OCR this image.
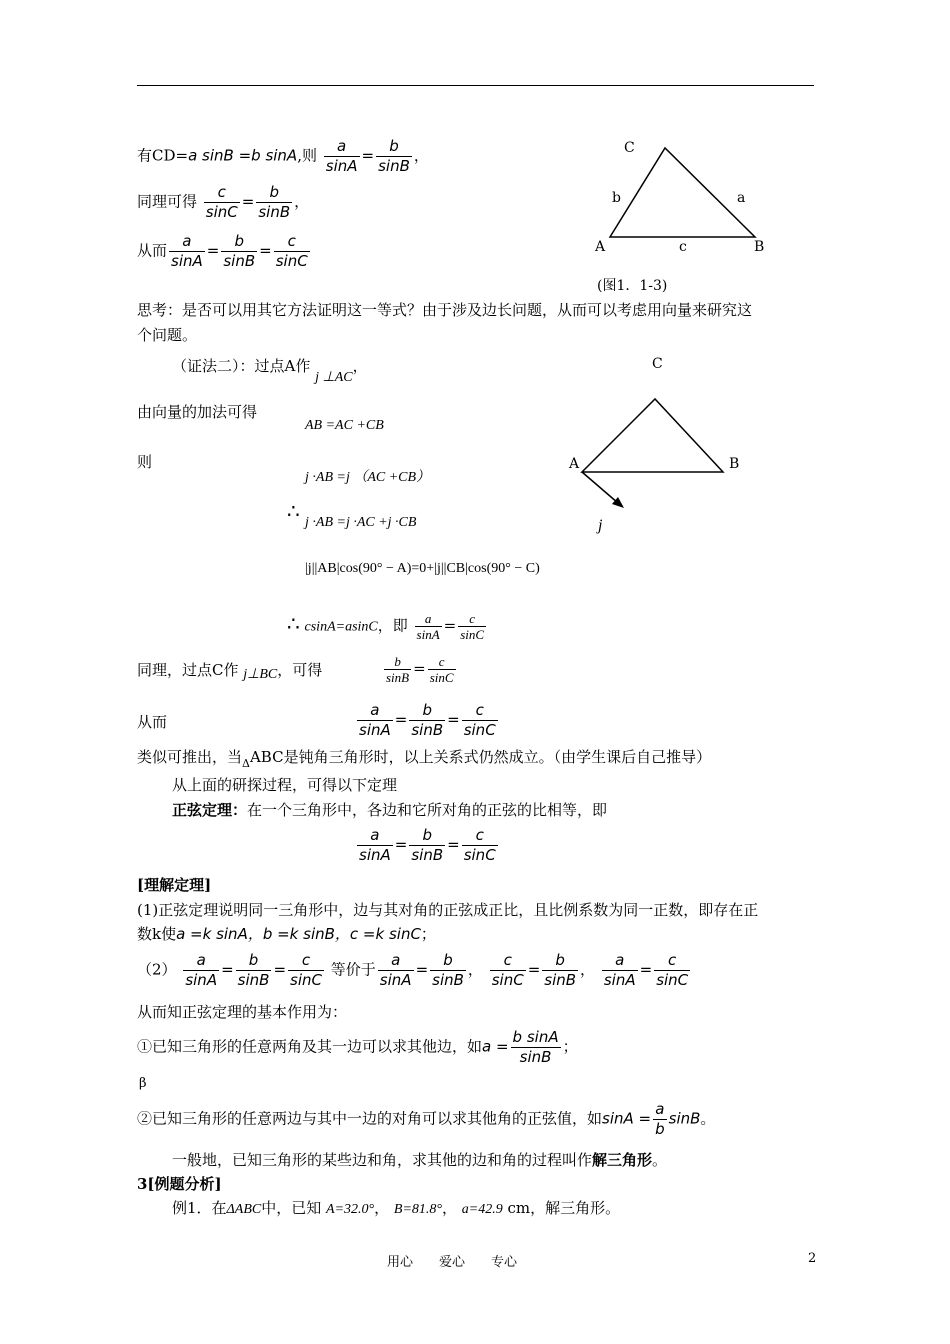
有CD=a sinB =b sinA,则 $\frac{a}{\sin A} = \frac{b}{\sin B}$ ，
同理可得 $\frac{c}{\sin C} = \frac{b}{\sin B}$ ，
从而 $\frac{a}{\sin A} = \frac{b}{\sin B} = \frac{c}{\sin C}$
C
A	B
b	a
c
(图1．1-3)
思考：是否可以用其它方法证明这一等式？由于涉及边长问题，从而可以考虑用向量来研究这
个问题。
（证法二）：过点A作 j ⊥AC，
由向量的加法可得
AB =AC +CB
则
j ·AB =j （AC +CB）
∴ j ·AB =j ·AC +j ·CB
|j||AB|cos(90° − A)=0+|j||CB|cos(90° − C)
∴ csinA=asinC，即 $\frac{a}{\sin A} = \frac{c}{\sin C}$
C
A	B
j
同理，过点C作 j⊥BC，可得	$\frac{b}{\sin B} = \frac{c}{\sin C}$
从而	$\frac{a}{\sin A} = \frac{b}{\sin B} = \frac{c}{\sin C}$
类似可推出，当$_\Delta$ABC是钝角三角形时，以上关系式仍然成立。（由学生课后自己推导）
从上面的研探过程，可得以下定理
正弦定理：在一个三角形中，各边和它所对角的正弦的比相等，即
$\frac{a}{\sin A} = \frac{b}{\sin B} = \frac{c}{\sin C}$
[理解定理]
(1)正弦定理说明同一三角形中，边与其对角的正弦成正比，且比例系数为同一正数，即存在正
数k使a =k sinA，b =k sinB，c =k sinC；
$(2) \frac{a}{\sin A} = \frac{b}{\sin B} = \frac{c}{\sin C}$ 等价于 $\frac{a}{\sin A} = \frac{b}{\sin B}$ ， $\frac{c}{\sin C} = \frac{b}{\sin B}$ ， $\frac{a}{\sin A} = \frac{c}{\sin C}$
从而知正弦定理的基本作用为：
①已知三角形的任意两角及其一边可以求其他边，如$a = \frac{\text{b sinA}}{\sin B}$ ；
β
②已知三角形的任意两边与其中一边的对角可以求其他角的正弦值，如$\sin A = \frac{a}{b}$ sinB。
一般地，已知三角形的某些边和角，求其他的边和角的过程叫作解三角形。
3[例题分析]
例1．在ΔABC中，已知 A=32.0°， B=81.8°， a=42.9 cm，解三角形。
用心　　爱心　　专心	2
